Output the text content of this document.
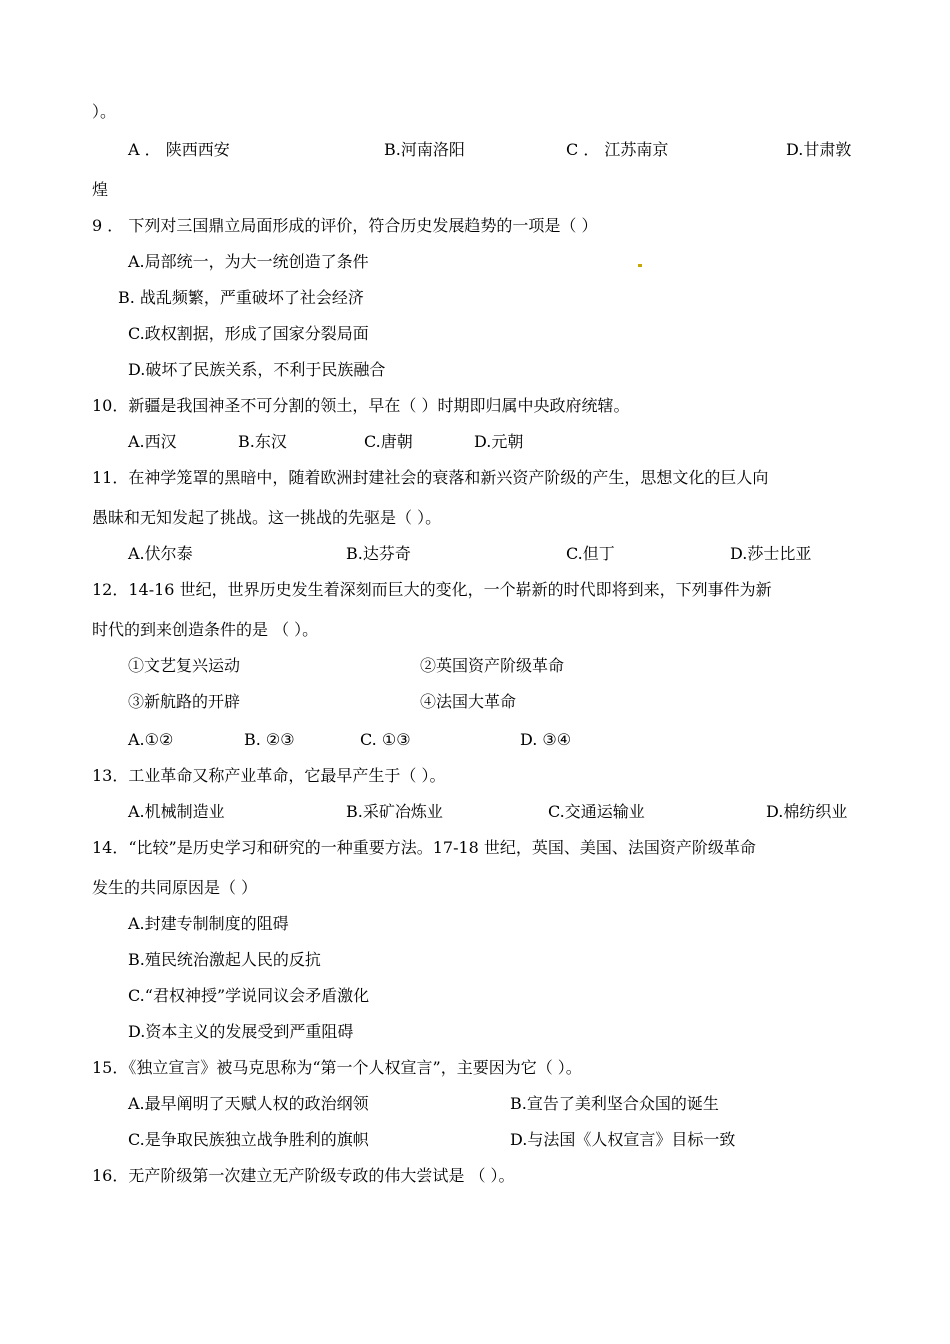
）。
A ． 陕西西安	B.河南洛阳	C ． 江苏南京	D.甘肃敦
煌
9 ． 下列对三国鼎立局面形成的评价，符合历史发展趋势的一项是（ ）
A.局部统一，为大一统创造了条件
B. 战乱频繁，严重破坏了社会经济
C.政权割据，形成了国家分裂局面
D.破坏了民族关系，不利于民族融合
10．新疆是我国神圣不可分割的领土，早在（ ）时期即归属中央政府统辖。
A.西汉	B.东汉	C.唐朝	D.元朝
11．在神学笼罩的黑暗中，随着欧洲封建社会的衰落和新兴资产阶级的产生，思想文化的巨人向
愚昧和无知发起了挑战。这一挑战的先驱是（ ）。
A.伏尔泰	B.达芬奇	C.但丁	D.莎士比亚
12．14-16 世纪，世界历史发生着深刻而巨大的变化，一个崭新的时代即将到来，下列事件为新
时代的到来创造条件的是 （ ）。
①文艺复兴运动	②英国资产阶级革命
③新航路的开辟	④法国大革命
A.①②	B. ②③	C. ①③	D. ③④
13．工业革命又称产业革命，它最早产生于（ ）。
A.机械制造业	B.采矿冶炼业	C.交通运输业	D.棉纺织业
14．“比较”是历史学习和研究的一种重要方法。17-18 世纪，英国、美国、法国资产阶级革命
发生的共同原因是（ ）
A.封建专制制度的阻碍
B.殖民统治激起人民的反抗
C.“君权神授”学说同议会矛盾激化
D.资本主义的发展受到严重阻碍
15．《独立宣言》被马克思称为“第一个人权宣言”，主要因为它（ ）。
A.最早阐明了天赋人权的政治纲领	B.宣告了美利坚合众国的诞生
C.是争取民族独立战争胜利的旗帜	D.与法国《人权宣言》目标一致
16．无产阶级第一次建立无产阶级专政的伟大尝试是 （ ）。
